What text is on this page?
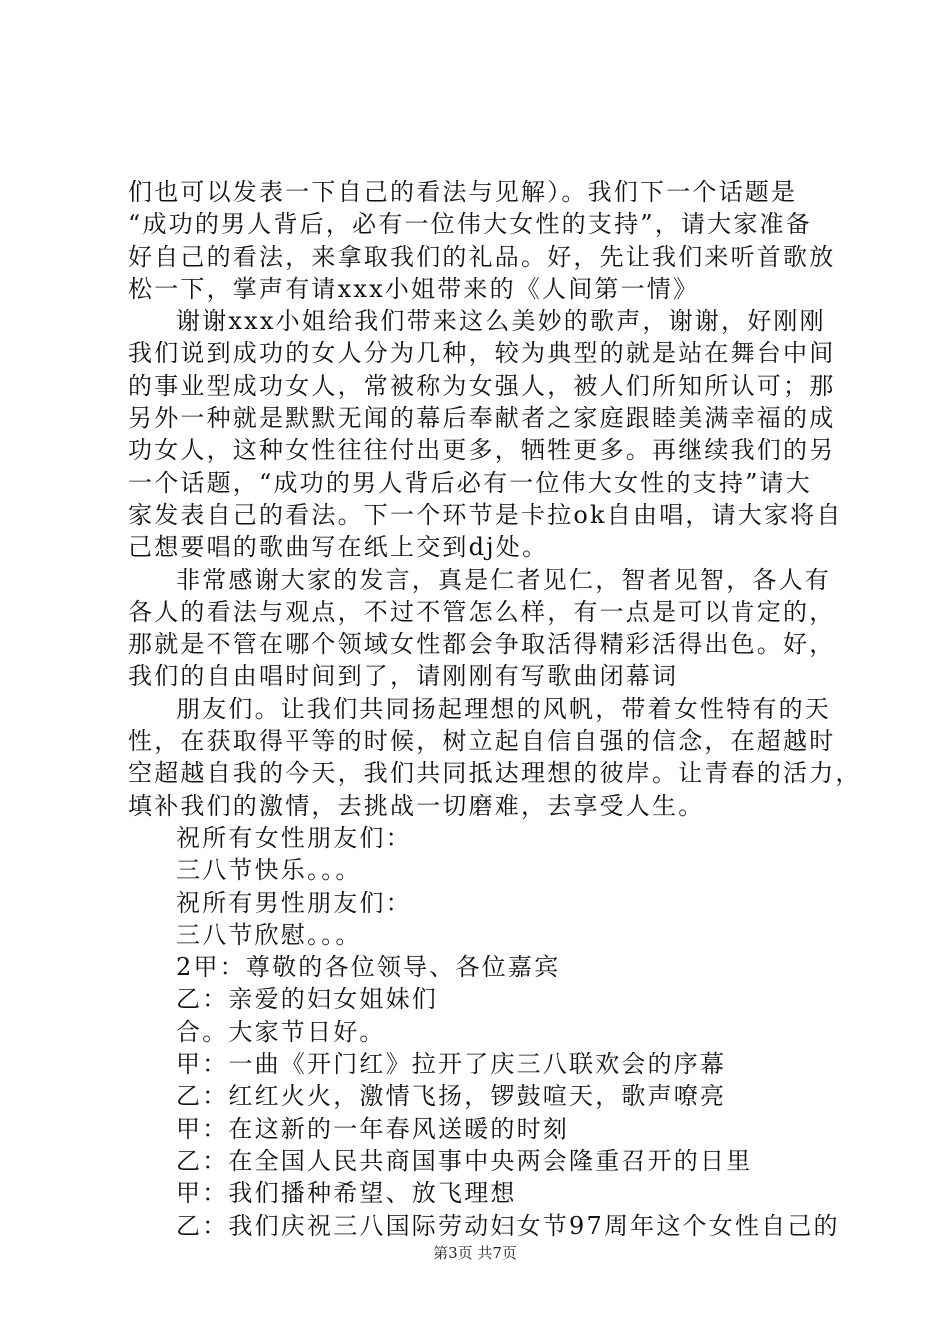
们也可以发表一下自己的看法与见解）。我们下一个话题是
“成功的男人背后，必有一位伟大女性的支持”，请大家准备
好自己的看法，来拿取我们的礼品。好，先让我们来听首歌放
松一下，掌声有请xxx小姐带来的《人间第一情》
谢谢xxx小姐给我们带来这么美妙的歌声，谢谢，好刚刚
我们说到成功的女人分为几种，较为典型的就是站在舞台中间
的事业型成功女人，常被称为女强人，被人们所知所认可；那
另外一种就是默默无闻的幕后奉献者之家庭跟睦美满幸福的成
功女人，这种女性往往付出更多，牺牲更多。再继续我们的另
一个话题，“成功的男人背后必有一位伟大女性的支持”请大
家发表自己的看法。下一个环节是卡拉ok自由唱，请大家将自
己想要唱的歌曲写在纸上交到dj处。
非常感谢大家的发言，真是仁者见仁，智者见智，各人有
各人的看法与观点，不过不管怎么样，有一点是可以肯定的，
那就是不管在哪个领域女性都会争取活得精彩活得出色。好，
我们的自由唱时间到了，请刚刚有写歌曲闭幕词
朋友们。让我们共同扬起理想的风帆，带着女性特有的天
性，在获取得平等的时候，树立起自信自强的信念，在超越时
空超越自我的今天，我们共同抵达理想的彼岸。让青春的活力，
填补我们的激情，去挑战一切磨难，去享受人生。
祝所有女性朋友们：
三八节快乐。。。
祝所有男性朋友们：
三八节欣慰。。。
2甲：尊敬的各位领导、各位嘉宾
乙：亲爱的妇女姐妹们
合。大家节日好。
甲：一曲《开门红》拉开了庆三八联欢会的序幕
乙：红红火火，激情飞扬，锣鼓喧天，歌声嘹亮
甲：在这新的一年春风送暖的时刻
乙：在全国人民共商国事中央两会隆重召开的日里
甲：我们播种希望、放飞理想
乙：我们庆祝三八国际劳动妇女节97周年这个女性自己的
第3页 共7页
